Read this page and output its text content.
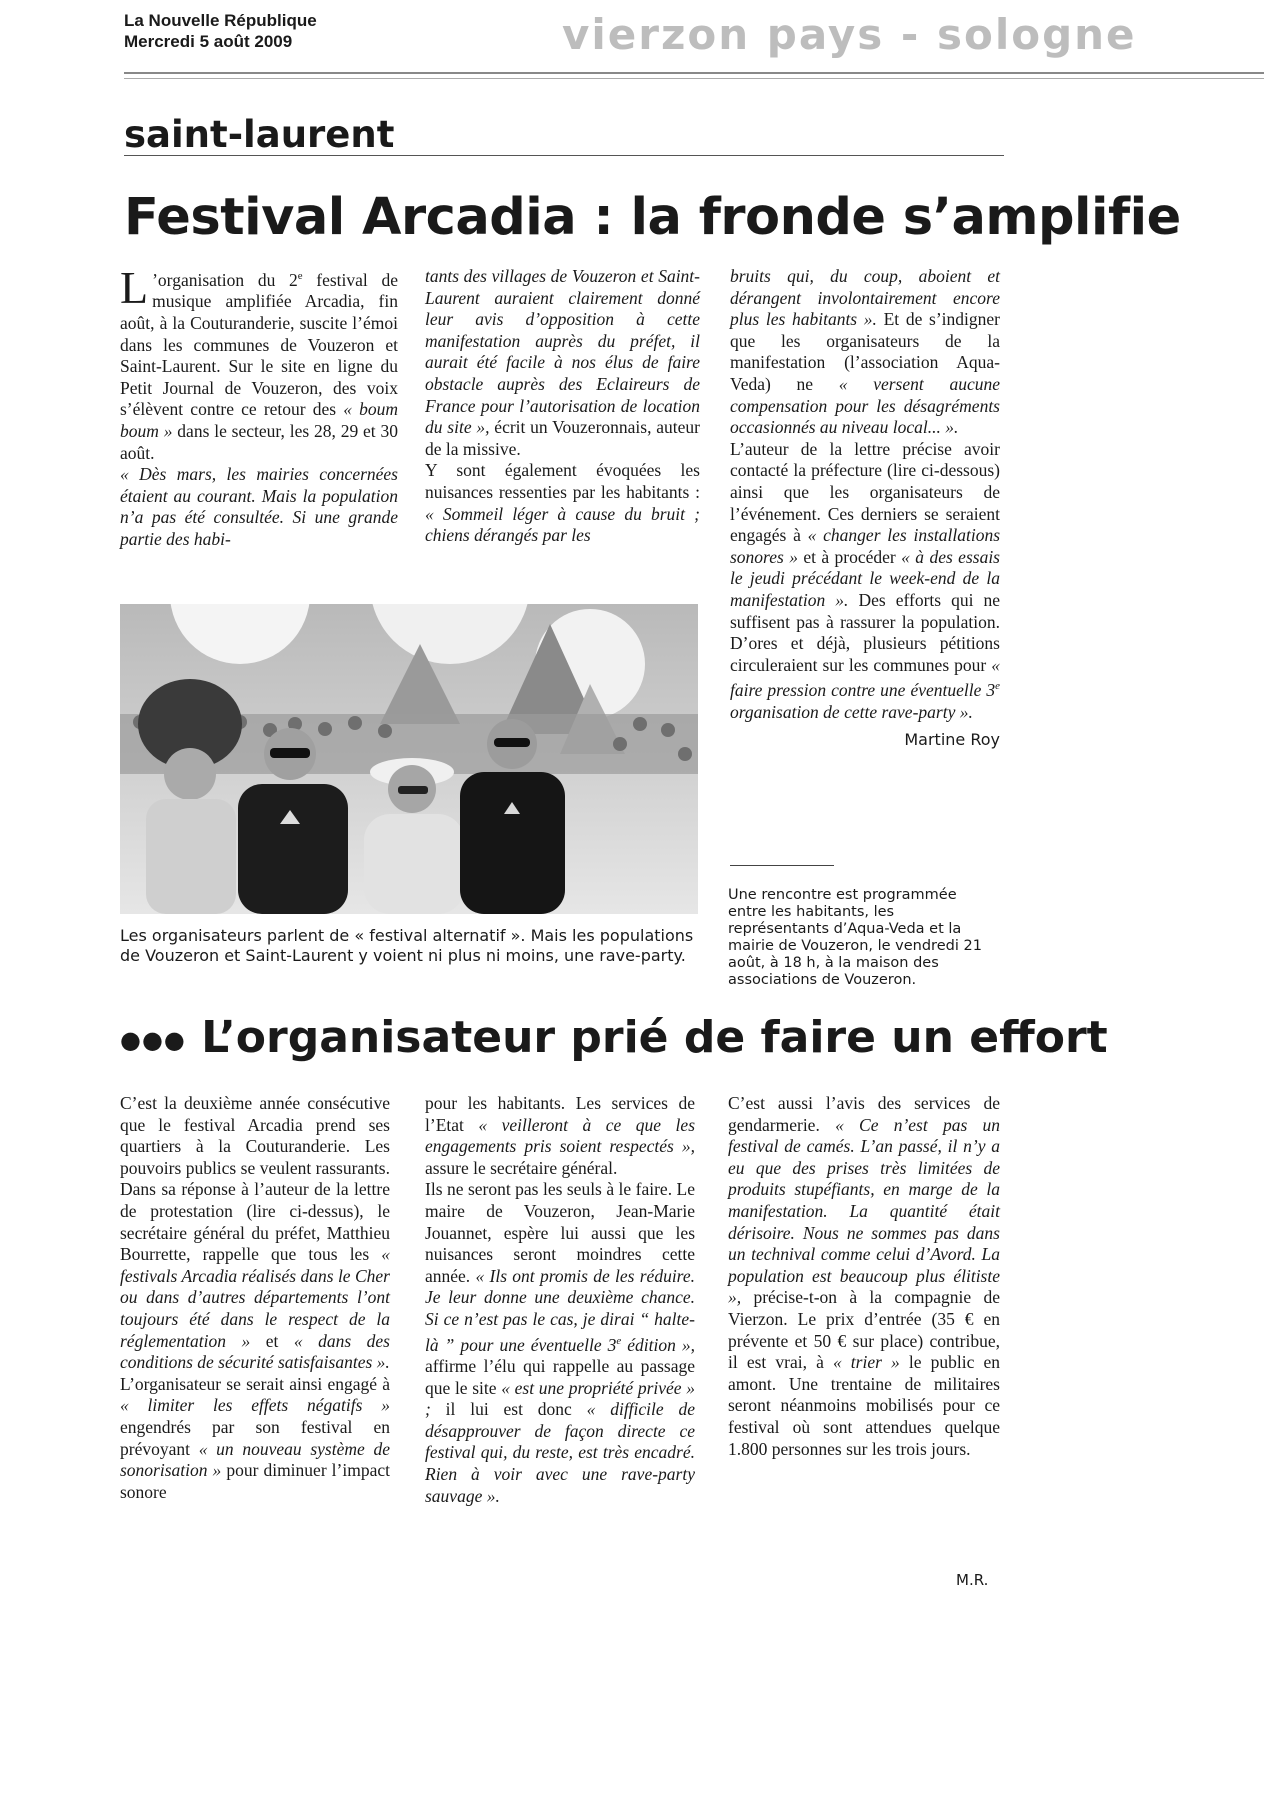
La Nouvelle République
Mercredi 5 août 2009	vierzon pays - sologne
saint-laurent
Festival Arcadia : la fronde s’amplifie

L ’organisation du 2e festival de musique amplifiée Arcadia, fin août, à la Couturanderie, suscite l’émoi dans les communes de Vouzeron et Saint-Laurent. Sur le site en ligne du Petit Journal de Vouzeron, des voix s’élèvent contre ce retour des « boum boum » dans le secteur, les 28, 29 et 30 août.

« Dès mars, les mairies concernées étaient au courant. Mais la population n’a pas été consultée. Si une grande partie des habi-

tants des villages de Vouzeron et Saint-Laurent auraient clairement donné leur avis d’opposition à cette manifestation auprès du préfet, il aurait été facile à nos élus de faire obstacle auprès des Eclaireurs de France pour l’autorisation de location du site », écrit un Vouzeronnais, auteur de la missive.

Y sont également évoquées les nuisances ressenties par les habitants : « Sommeil léger à cause du bruit ; chiens dérangés par les

bruits qui, du coup, aboient et dérangent involontairement encore plus les habitants ». Et de s’indigner que les organisateurs de la manifestation (l’association Aqua-Veda) ne « versent aucune compensation pour les désagréments occasionnés au niveau local... ».

L’auteur de la lettre précise avoir contacté la préfecture (lire ci-dessous) ainsi que les organisateurs de l’événement. Ces derniers se seraient engagés à « changer les installations sonores » et à procéder « à des essais le jeudi précédant le week-end de la manifestation ». Des efforts qui ne suffisent pas à rassurer la population. D’ores et déjà, plusieurs pétitions circuleraient sur les communes pour « faire pression contre une éventuelle 3e organisation de cette rave-party ».

Martine Roy
Les organisateurs parlent de « festival alternatif ». Mais les populations de Vouzeron et Saint-Laurent y voient ni plus ni moins, une rave-party.
Une rencontre est programmée entre les habitants, les représentants d’Aqua-Veda et la mairie de Vouzeron, le vendredi 21 août, à 18 h, à la maison des associations de Vouzeron.
●●● L’organisateur prié de faire un effort

C’est la deuxième année consécutive que le festival Arcadia prend ses quartiers à la Couturanderie. Les pouvoirs publics se veulent rassurants. Dans sa réponse à l’auteur de la lettre de protestation (lire ci-dessus), le secrétaire général du préfet, Matthieu Bourrette, rappelle que tous les « festivals Arcadia réalisés dans le Cher ou dans d’autres départements l’ont toujours été dans le respect de la réglementation » et « dans des conditions de sécurité satisfaisantes ».

L’organisateur se serait ainsi engagé à « limiter les effets négatifs » engendrés par son festival en prévoyant « un nouveau système de sonorisation » pour diminuer l’impact sonore

pour les habitants. Les services de l’Etat « veilleront à ce que les engagements pris soient respectés », assure le secrétaire général.

Ils ne seront pas les seuls à le faire. Le maire de Vouzeron, Jean-Marie Jouannet, espère lui aussi que les nuisances seront moindres cette année. « Ils ont promis de les réduire. Je leur donne une deuxième chance. Si ce n’est pas le cas, je dirai “ halte-là ” pour une éventuelle 3e édition », affirme l’élu qui rappelle au passage que le site « est une propriété privée » ; il lui est donc « difficile de désapprouver de façon directe ce festival qui, du reste, est très encadré. Rien à voir avec une rave-party sauvage ».

C’est aussi l’avis des services de gendarmerie. « Ce n’est pas un festival de camés. L’an passé, il n’y a eu que des prises très limitées de produits stupéfiants, en marge de la manifestation. La quantité était dérisoire. Nous ne sommes pas dans un technival comme celui d’Avord. La population est beaucoup plus élitiste », précise-t-on à la compagnie de Vierzon. Le prix d’entrée (35 € en prévente et 50 € sur place) contribue, il est vrai, à « trier » le public en amont. Une trentaine de militaires seront néanmoins mobilisés pour ce festival où sont attendues quelque 1.800 personnes sur les trois jours.

M.R.
